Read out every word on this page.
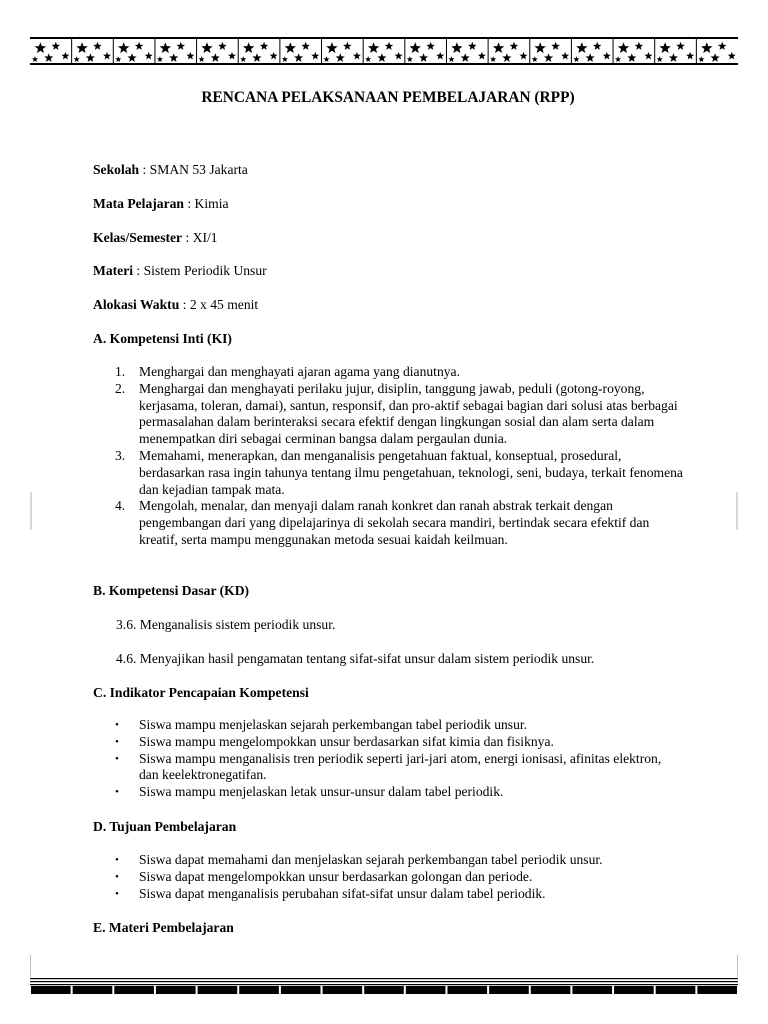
RENCANA PELAKSANAAN PEMBELAJARAN (RPP)
Sekolah : SMAN 53 Jakarta
Mata Pelajaran : Kimia
Kelas/Semester : XI/1
Materi : Sistem Periodik Unsur
Alokasi Waktu : 2 x 45 menit
A. Kompetensi Inti (KI)
1. Menghargai dan menghayati ajaran agama yang dianutnya.
2. Menghargai dan menghayati perilaku jujur, disiplin, tanggung jawab, peduli (gotong-royong, kerjasama, toleran, damai), santun, responsif, dan pro-aktif sebagai bagian dari solusi atas berbagai permasalahan dalam berinteraksi secara efektif dengan lingkungan sosial dan alam serta dalam menempatkan diri sebagai cerminan bangsa dalam pergaulan dunia.
3. Memahami, menerapkan, dan menganalisis pengetahuan faktual, konseptual, prosedural, berdasarkan rasa ingin tahunya tentang ilmu pengetahuan, teknologi, seni, budaya, terkait fenomena dan kejadian tampak mata.
4. Mengolah, menalar, dan menyaji dalam ranah konkret dan ranah abstrak terkait dengan pengembangan dari yang dipelajarinya di sekolah secara mandiri, bertindak secara efektif dan kreatif, serta mampu menggunakan metoda sesuai kaidah keilmuan.
B. Kompetensi Dasar (KD)
3.6. Menganalisis sistem periodik unsur.
4.6. Menyajikan hasil pengamatan tentang sifat-sifat unsur dalam sistem periodik unsur.
C. Indikator Pencapaian Kompetensi
• Siswa mampu menjelaskan sejarah perkembangan tabel periodik unsur.
• Siswa mampu mengelompokkan unsur berdasarkan sifat kimia dan fisiknya.
• Siswa mampu menganalisis tren periodik seperti jari-jari atom, energi ionisasi, afinitas elektron, dan keelektronegatifan.
• Siswa mampu menjelaskan letak unsur-unsur dalam tabel periodik.
D. Tujuan Pembelajaran
• Siswa dapat memahami dan menjelaskan sejarah perkembangan tabel periodik unsur.
• Siswa dapat mengelompokkan unsur berdasarkan golongan dan periode.
• Siswa dapat menganalisis perubahan sifat-sifat unsur dalam tabel periodik.
E. Materi Pembelajaran
